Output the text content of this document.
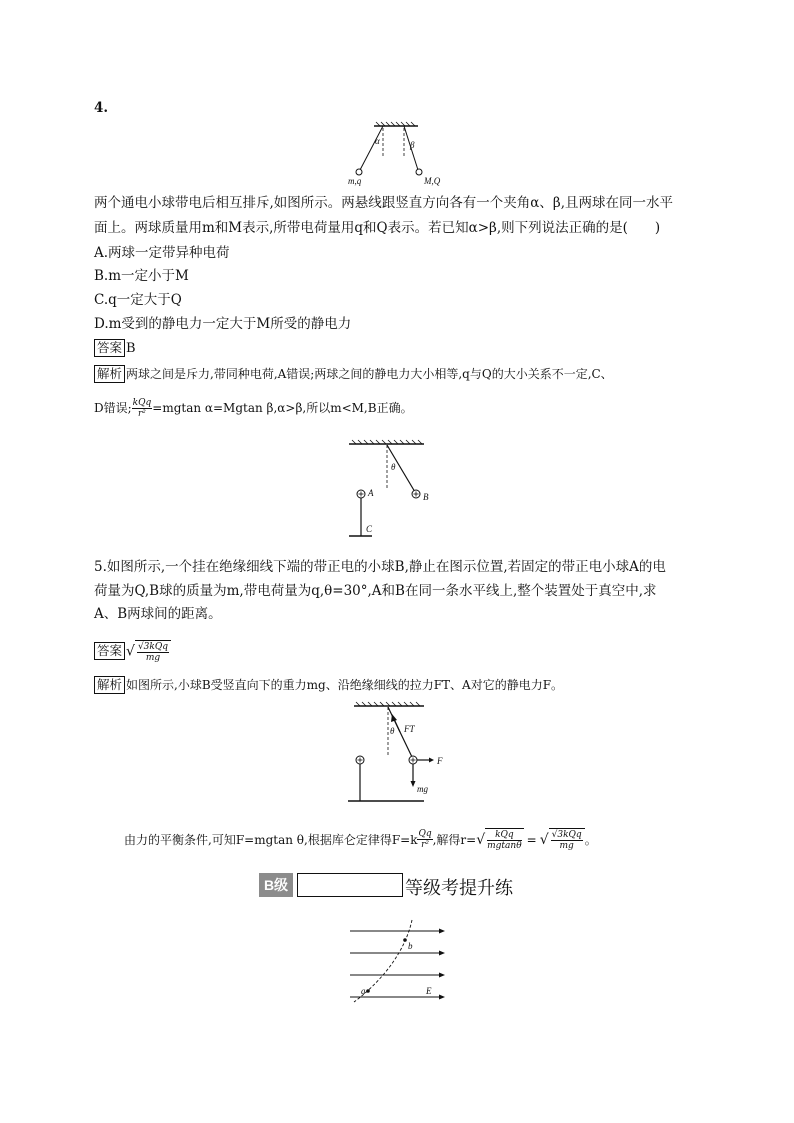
4.
α	β
m,q	M,Q
两个通电小球带电后相互排斥,如图所示。两悬线跟竖直方向各有一个夹角α、β,且两球在同一水平
面上。两球质量用m和M表示,所带电荷量用q和Q表示。若已知α>β,则下列说法正确的是(　　)
A.两球一定带异种电荷
B.m一定小于M
C.q一定大于Q
D.m受到的静电力一定大于M所受的静电力
答案 B
解析 两球之间是斥力,带同种电荷,A错误;两球之间的静电力大小相等,q与Q的大小关系不一定,C、
D错误; $\frac{\text{kQq}}{\text{r²}} =mgtan$ α=Mgtan β,α>β,所以m<M,B正确。
θ
A	B
C
5.如图所示,一个挂在绝缘细线下端的带正电的小球B,静止在图示位置,若固定的带正电小球A的电
荷量为Q,B球的质量为m,带电荷量为q,θ=30°,A和B在同一条水平线上,整个装置处于真空中,求
A、B两球间的距离。
答案 √ $\frac{\text{√3kQq}}{mg}$
解析 如图所示,小球B受竖直向下的重力mg、沿绝缘细线的拉力FT、A对它的静电力F。
FT
θ
F
mg
由力的平衡条件,可知F=mgtan θ,根据库仑定律得$F=k \frac{Qq}{\text{r²}}$ ,解得r= √ $\frac{\text{kQq}}{mgtan\theta}$ = √ $\frac{\text{√3kQq}}{mg}$ 。
B级	等级考提升练
b
a	E
